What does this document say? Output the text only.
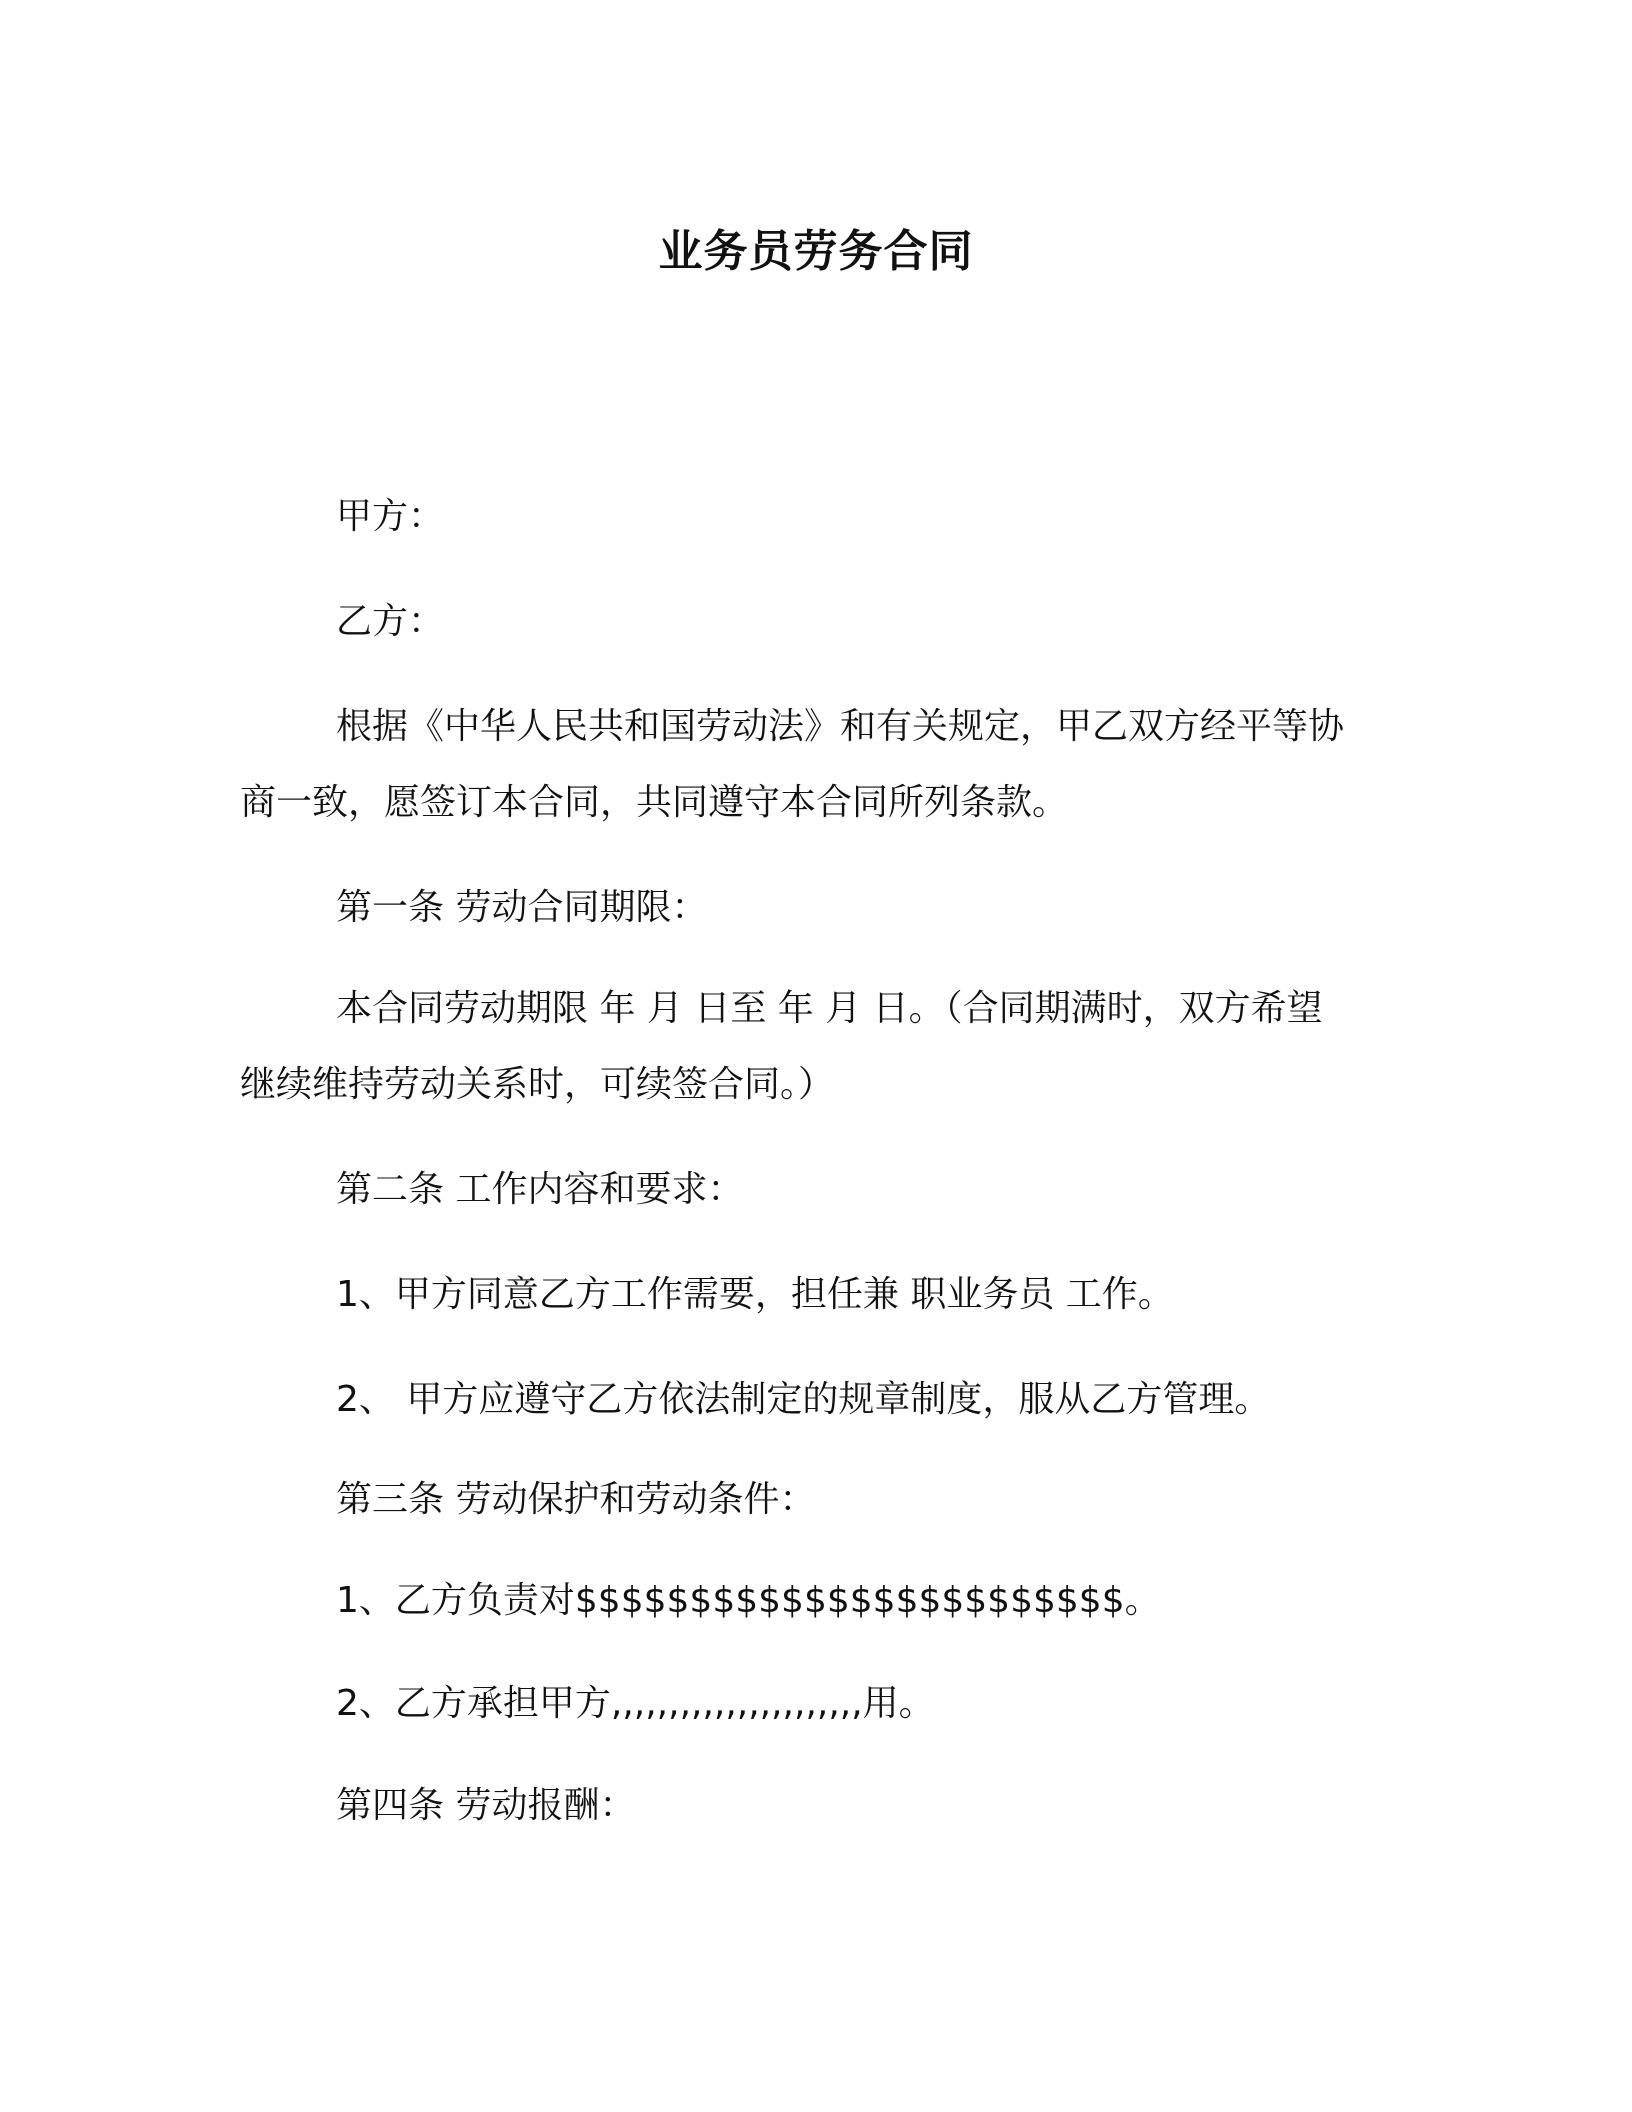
业务员劳务合同
甲方：
乙方：
根据《中华人民共和国劳动法》和有关规定，甲乙双方经平等协
商一致，愿签订本合同，共同遵守本合同所列条款。
第一条 劳动合同期限：
本合同劳动期限 年 月 日至 年 月 日。（合同期满时，双方希望
继续维持劳动关系时，可续签合同。）
第二条 工作内容和要求：
1、甲方同意乙方工作需要，担任兼 职业务员 工作。
2、 甲方应遵守乙方依法制定的规章制度，服从乙方管理。
第三条 劳动保护和劳动条件：
1、乙方负责对$$$$$$$$$$$$$$$$$$$$$$$$。
2、乙方承担甲方,,,,,,,,,,,,,,,,,,,,,,用。
第四条 劳动报酬：
